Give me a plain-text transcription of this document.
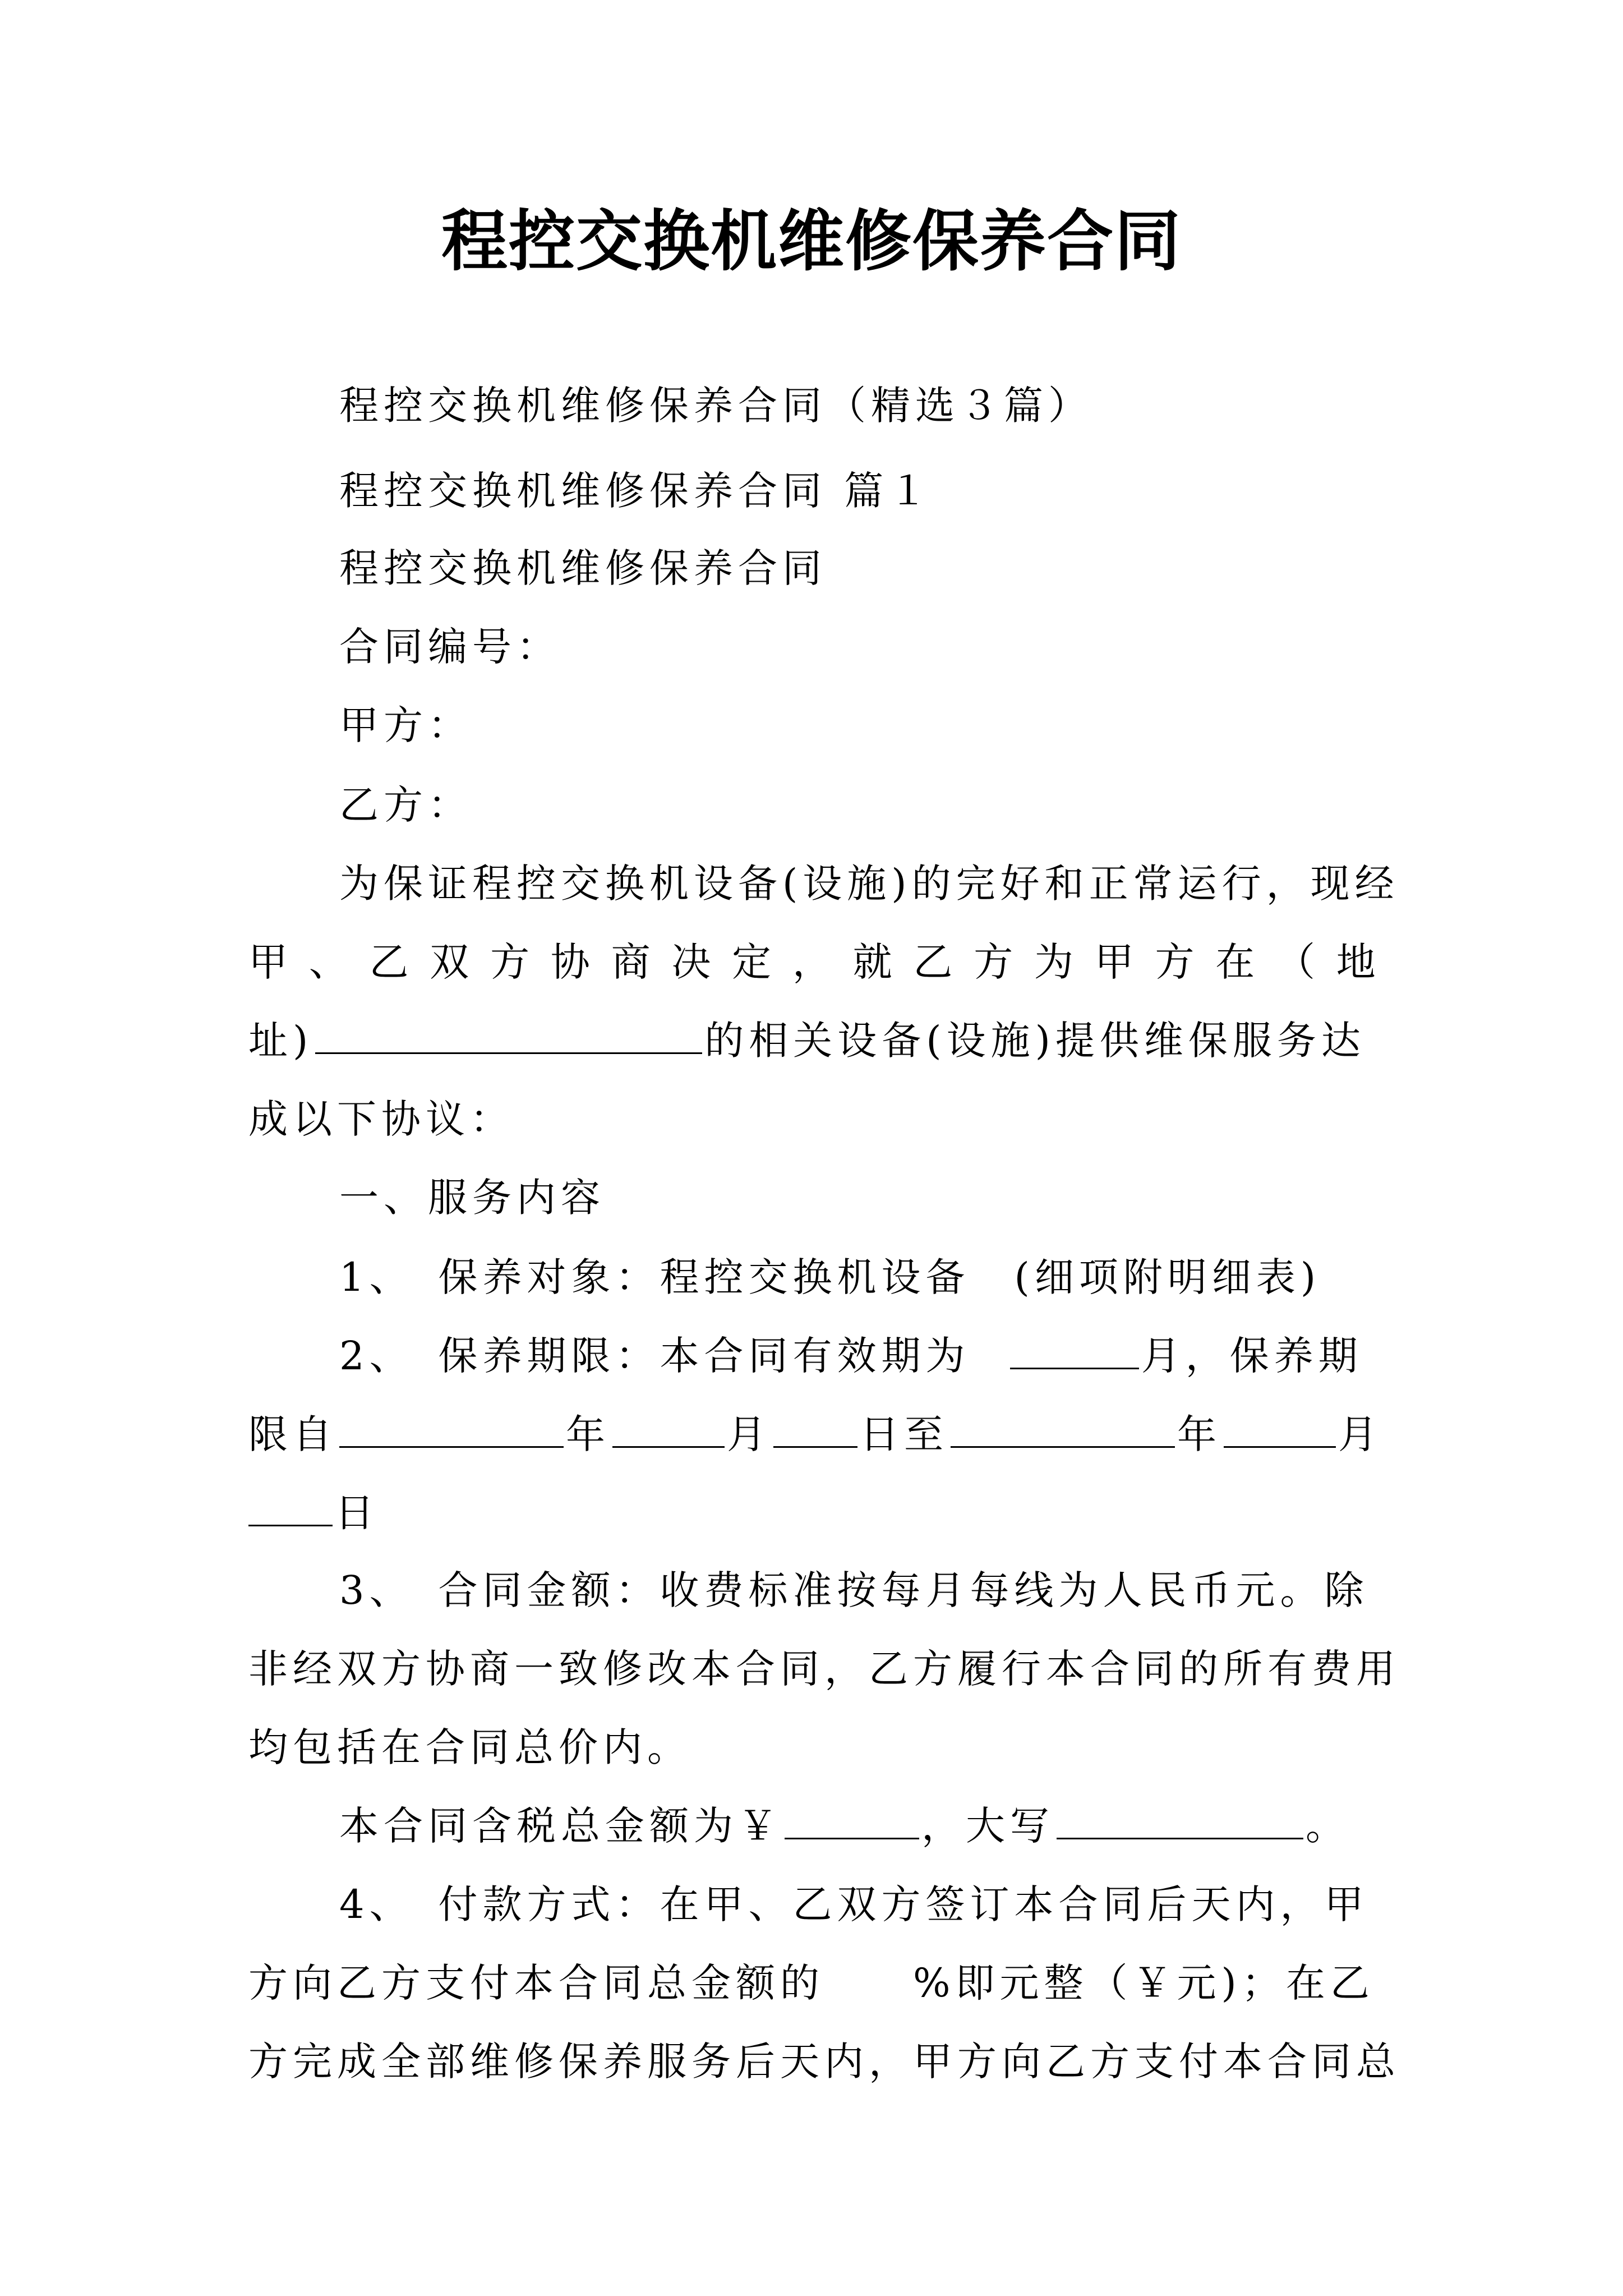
程控交换机维修保养合同
程控交换机维修保养合同（精选３篇）
程控交换机维修保养合同 篇１
程控交换机维修保养合同
合同编号：
甲方：
乙方：
为保证程控交换机设备(设施)的完好和正常运行，现经
甲 、 乙 双 方 协 商 决 定 ， 就 乙 方 为 甲 方 在 （ 地
址)	的相关设备(设施)提供维保服务达
成以下协议：
一、服务内容
1、　保养对象：程控交换机设备　(细项附明细表)
2、　保养期限：本合同有效期为	月，保养期
限自	年	月 日至	年	月
日
3、　合同金额：收费标准按每月每线为人民币元。除
非经双方协商一致修改本合同，乙方履行本合同的所有费用
均包括在合同总价内。
本合同含税总金额为￥	，大写	。
4、　付款方式：在甲、乙双方签订本合同后天内，甲
方向乙方支付本合同总金额的　　%即元整（￥元)；在乙
方完成全部维修保养服务后天内，甲方向乙方支付本合同总
